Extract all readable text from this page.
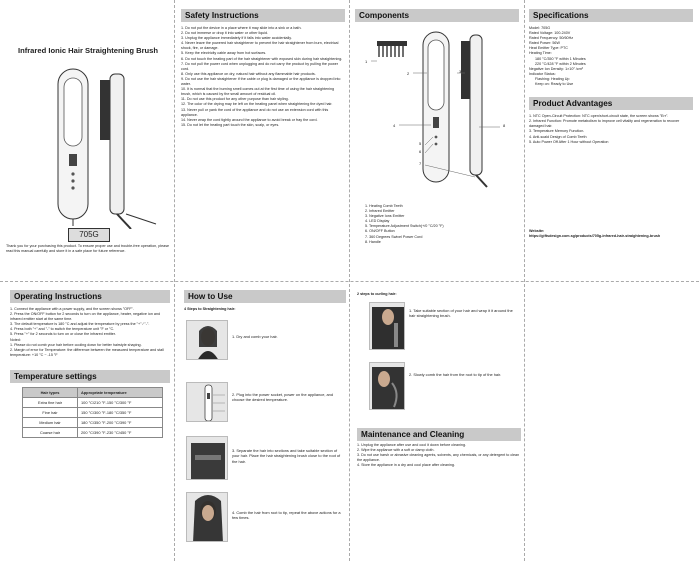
Infrared Ionic Hair Straightening Brush
705G
Thank you for your purchasing this product. To ensure proper use and trouble-free operation, please read this manual carefully and store it in a safe place for future reference.
Safety Instructions

1. Do not put the device in a place where it may slide into a sink or a bath.

2. Do not immerse or drop it into water or other liquid.

3. Unplug the appliance immediately if it falls into water accidentally.

4. Never leave the powered hair straightener to prevent the hair straightener from burn, electrical shock, fire, or damage.

5. Keep the electricity cable away from hot surfaces.

6. Do not touch the heating part of the hair straightener with exposed skin during hair straightening.

7. Do not pull the power cord when unplugging and do not carry the product by pulling the power cord.

8. Only use this appliance on dry, natural hair without any flammable hair products.

9. Do not use the hair straightener if the cable or plug is damaged or the appliance is dropped into water.

10. It is normal that the burning smell comes out at the first time of using the hair straightening brush, which is caused by the small amount of residual oil.

11. Do not use this product for any other purpose than hair styling.

12. The color of the drying may be left on the heating panel when straightening the dyed hair.

13. Never pull or yank the cord of the appliance and do not use an extension cord with this appliance.

14. Never wrap the cord tightly around the appliance to avoid break or fray the cord.

15. Do not let the heating part touch the skin, scalp, or eyes.

Components
1
2	3
4
5
6
7
8

1. Heating Comb Teeth

2. Infrared Emitter

3. Negative Ions Emitter

4. LED Display

5. Temperature Adjustment Switch(+/0 °C/20 °F)

6. ON/OFF Button

7. 360 Degrees Swivel Power Cord

8. Handle

Specifications

Model: 705G

Rated Voltage: 100-240V

Rated Frequency: 50/60Hz

Rated Power: 56W

Heat Emitter Type: PTC

Heating Time:

180 °C/350 °F within 1 Minutes

220 °C/428 °F within 2 Minutes

Negative Ion Density: 1×10⁷ /cm³

Indicator Status:

Flashing: Heating Up

Keep on: Ready to Use

Product Advantages

1. NTC Open-Circuit Protection: NTC open/short-circuit state, the screen shows "Err".

2. Infrared Function: Promote metabolism to improve cell vitality and regeneration to recover damaged hair.

3. Temperature Memory Function.

4. Anti-scald Design of Comb Teeth

5. Auto Power Off After 1 Hour without Operation

Website:
https://giftsdesign.com.sg/products/705g-infrared-hair-straightening-brush
Operating Instructions

1. Connect the appliance with a power supply, and the screen shows "OFF".

2. Press the ON/OFF button for 2 seconds to turn on the appliance, heater, negative ion and infrared emitter start at the same time.

3. The default temperature is 180 °C and adjust the temperature by press the "+" / "-".

4. Press both "+" and "-" to switch the temperature unit °F or °C.

5. Press "+" for 2 seconds to turn on or close the infrared emitter.

Noted:

1. Please do not comb your hair before cooling down for better hairstyle shaping.

2. Margin of error for Temperature: the difference between the measured temperature and stall temperature: +10 °C ~ -15 °F

Temperature settings
Hair types	Appropriate temperature
Extra fine hair	100 °C/210 °F-150 °C/300 °F
Fine hair	150 °C/300 °F-180 °C/350 °F
Medium hair	180 °C/350 °F-200 °C/390 °F
Coarse hair	200 °C/390 °F-230 °C/450 °F
How to Use
4 Steps to Straightening hair:
1. Dry and comb your hair.
2. Plug into the power socket, power on the appliance, and choose the desired temperature.
3. Separate the hair into sections and take suitable section of your hair. Place the hair straightening brush close to the root of the hair.
4. Comb the hair from root to tip, repeat the above actions for a few times.
2 steps to curling hair:
1. Take suitable section of your hair and wrap it it around the hair straightening brush.
2. Slowly comb the hair from the root to tip of the hair.
Maintenance and Cleaning

1. Unplug the appliance after use and cool it down before cleaning.

2. Wipe the appliance with a soft or damp cloth.

3. Do not use harsh or abrasive cleaning agents, solvents, any chemicals, or any detergent to clean the appliance.

4. Store the appliance in a dry and cool place after cleaning.
